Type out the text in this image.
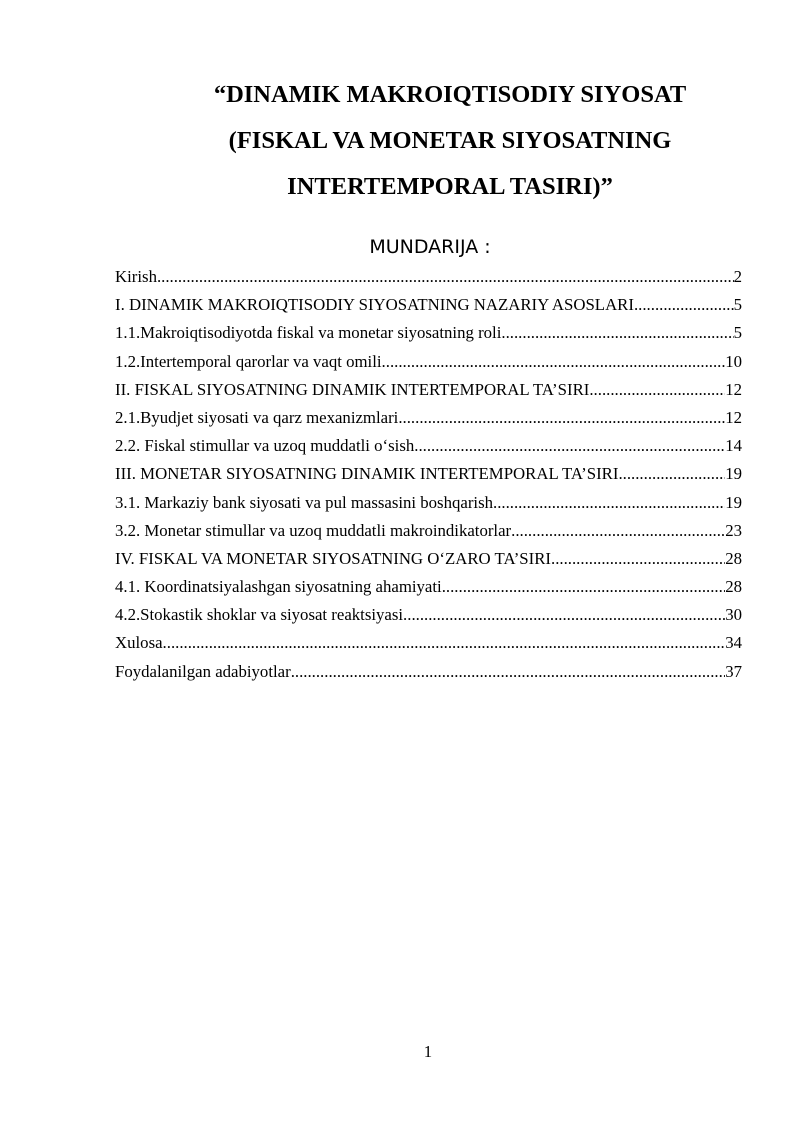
“DINAMIK MAKROIQTISODIY SIYOSAT
(FISKAL VA MONETAR SIYOSATNING
INTERTEMPORAL TASIRI)”
MUNDARIJA :
Kirish .....	2
I. DINAMIK MAKROIQTISODIY SIYOSATNING NAZARIY ASOSLARI .....	5
1.1.Makroiqtisodiyotda fiskal va monetar siyosatning roli .....	5
1.2.Intertemporal qarorlar va vaqt omili .....	10
II. FISKAL SIYOSATNING DINAMIK INTERTEMPORAL TA’SIRI .....	12
2.1.Byudjet siyosati va qarz mexanizmlari .....	12
2.2. Fiskal stimullar va uzoq muddatli o‘sish .....	14
III. MONETAR SIYOSATNING DINAMIK INTERTEMPORAL TA’SIRI .....	19
3.1. Markaziy bank siyosati va pul massasini boshqarish .....	19
3.2. Monetar stimullar va uzoq muddatli makroindikatorlar .....	23
IV. FISKAL VA MONETAR SIYOSATNING O‘ZARO TA’SIRI .....	28
4.1. Koordinatsiyalashgan siyosatning ahamiyati .....	28
4.2.Stokastik shoklar va siyosat reaktsiyasi .....	30
Xulosa .....	34
Foydalanilgan adabiyotlar .....	37
1
